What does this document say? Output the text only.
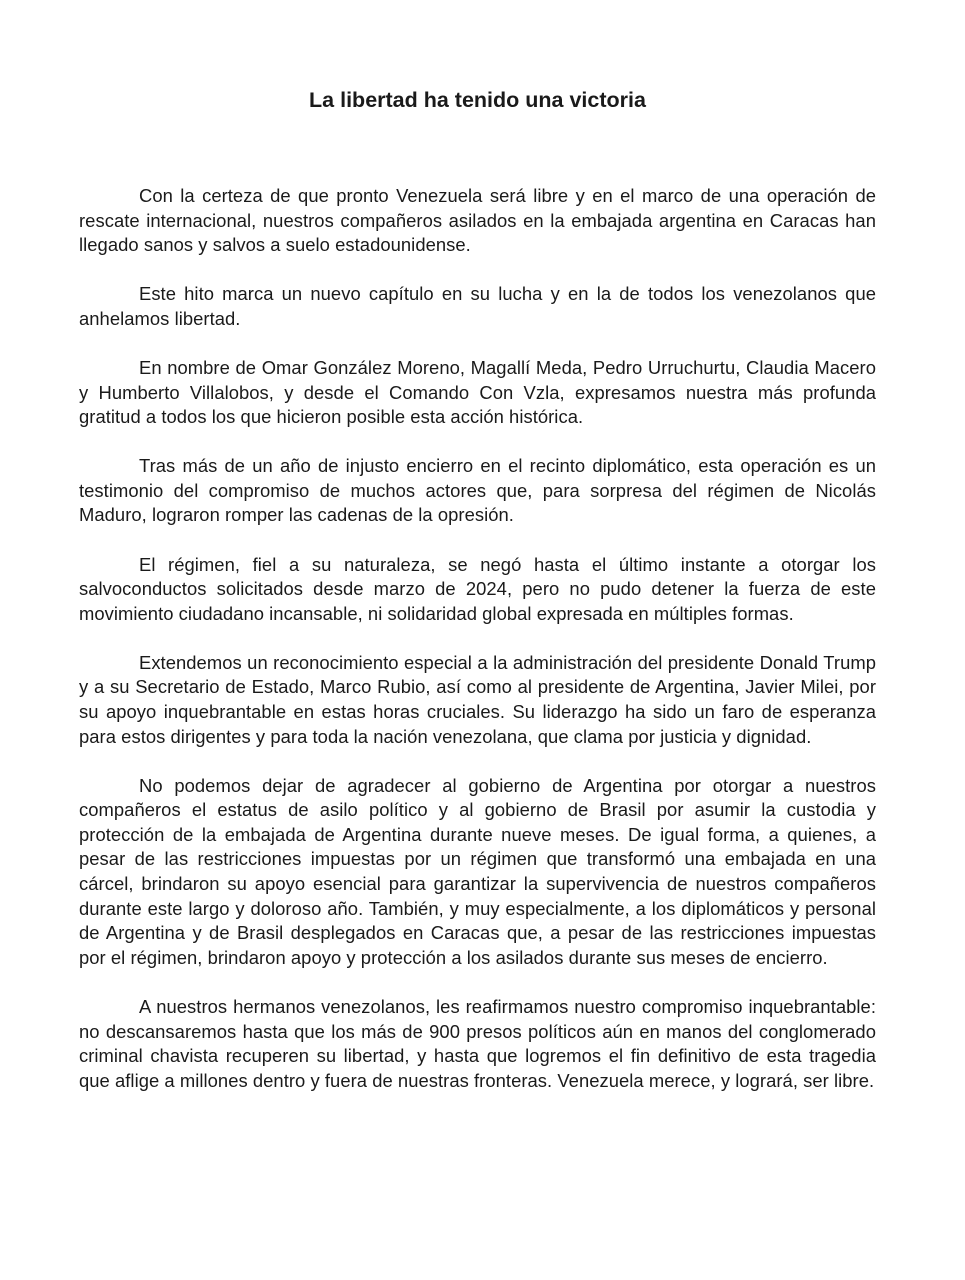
La libertad ha tenido una victoria

Con la certeza de que pronto Venezuela será libre y en el marco de una operación de rescate internacional, nuestros compañeros asilados en la embajada argentina en Caracas han llegado sanos y salvos a suelo estadounidense.

Este hito marca un nuevo capítulo en su lucha y en la de todos los venezolanos que anhelamos libertad.

En nombre de Omar González Moreno, Magallí Meda, Pedro Urruchurtu, Claudia Macero y Humberto Villalobos, y desde el Comando Con Vzla, expresamos nuestra más profunda gratitud a todos los que hicieron posible esta acción histórica.

Tras más de un año de injusto encierro en el recinto diplomático, esta operación es un testimonio del compromiso de muchos actores que, para sorpresa del régimen de Nicolás Maduro, lograron romper las cadenas de la opresión.

El régimen, fiel a su naturaleza, se negó hasta el último instante a otorgar los salvoconductos solicitados desde marzo de 2024, pero no pudo detener la fuerza de este movimiento ciudadano incansable, ni solidaridad global expresada en múltiples formas.

Extendemos un reconocimiento especial a la administración del presidente Donald Trump y a su Secretario de Estado, Marco Rubio, así como al presidente de Argentina, Javier Milei, por su apoyo inquebrantable en estas horas cruciales. Su liderazgo ha sido un faro de esperanza para estos dirigentes y para toda la nación venezolana, que clama por justicia y dignidad.

No podemos dejar de agradecer al gobierno de Argentina por otorgar a nuestros compañeros el estatus de asilo político y al gobierno de Brasil por asumir la custodia y protección de la embajada de Argentina durante nueve meses. De igual forma, a quienes, a pesar de las restricciones impuestas por un régimen que transformó una embajada en una cárcel, brindaron su apoyo esencial para garantizar la supervivencia de nuestros compañeros durante este largo y doloroso año. También, y muy especialmente, a los diplomáticos y personal de Argentina y de Brasil desplegados en Caracas que, a pesar de las restricciones impuestas por el régimen, brindaron apoyo y protección a los asilados durante sus meses de encierro.

A nuestros hermanos venezolanos, les reafirmamos nuestro compromiso inquebrantable: no descansaremos hasta que los más de 900 presos políticos aún en manos del conglomerado criminal chavista recuperen su libertad, y hasta que logremos el fin definitivo de esta tragedia que aflige a millones dentro y fuera de nuestras fronteras. Venezuela merece, y logrará, ser libre.
